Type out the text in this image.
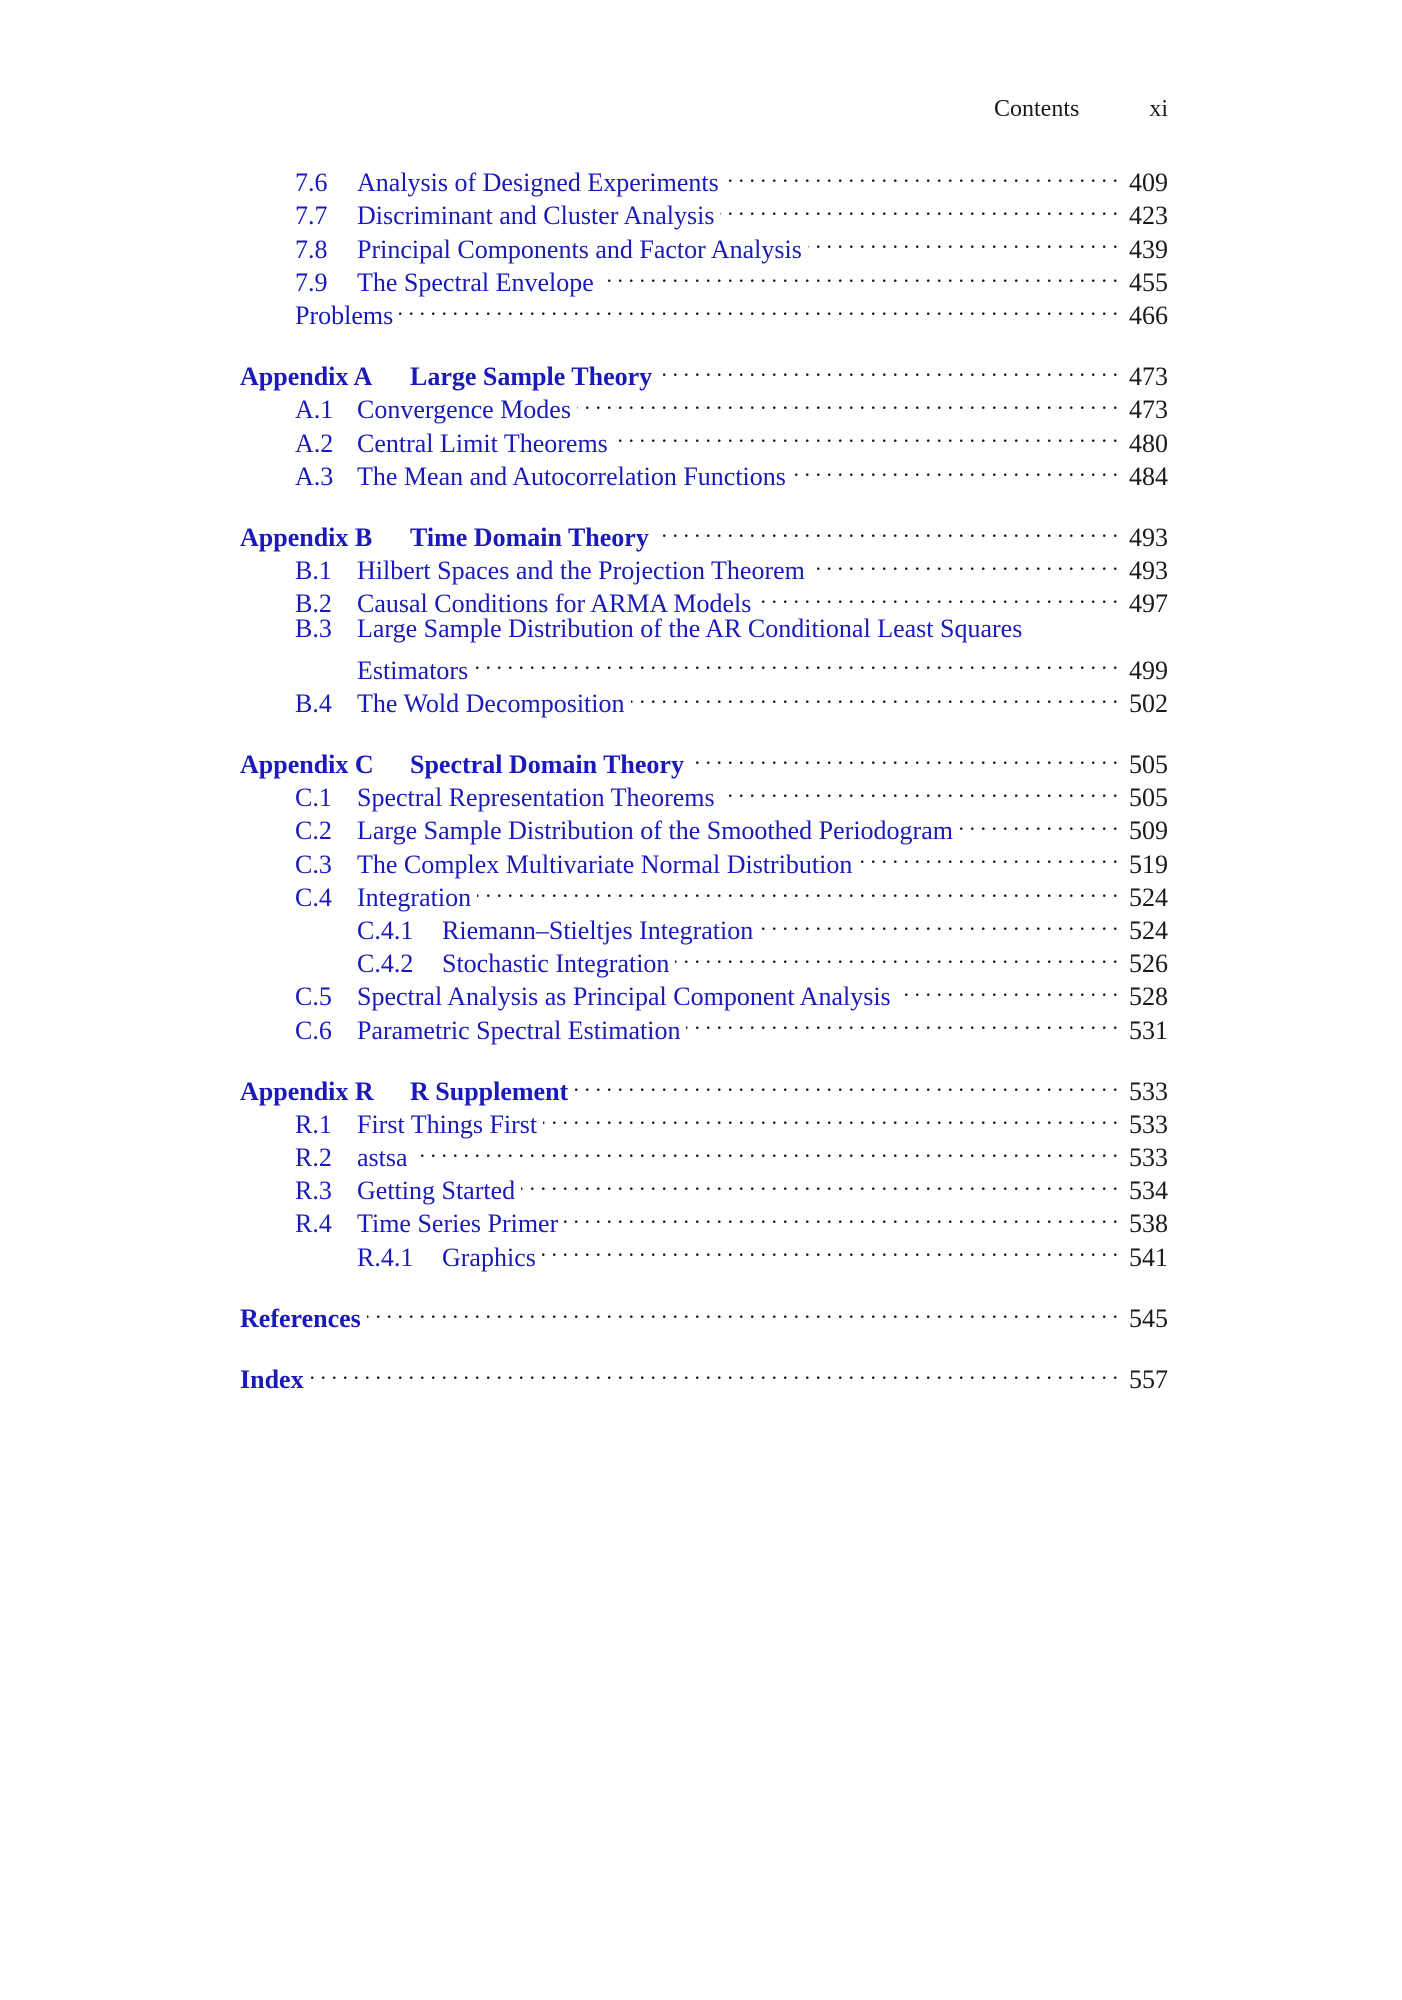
Contents	xi
7.6	Analysis of Designed Experiments . . .	409
7.7	Discriminant and Cluster Analysis . . .	423
7.8	Principal Components and Factor Analysis . . .	439
7.9	The Spectral Envelope . . .	455
Problems . . .	466
Appendix A	Large Sample Theory . . .	473
A.1 Convergence Modes . . .	473
A.2 Central Limit Theorems . . .	480
A.3 The Mean and Autocorrelation Functions . . .	484
Appendix B	Time Domain Theory . . .	493
B.1 Hilbert Spaces and the Projection Theorem . . .	493
B.2 Causal Conditions for ARMA Models . . .	497
B.3 Large Sample Distribution of the AR Conditional Least Squares
Estimators . . .	499
B.4 The Wold Decomposition . . .	502
Appendix C	Spectral Domain Theory . . .	505
C.1 Spectral Representation Theorems . . .	505
C.2 Large Sample Distribution of the Smoothed Periodogram . . .	509
C.3 The Complex Multivariate Normal Distribution . . .	519
C.4 Integration . . .	524
C.4.1	Riemann–Stieltjes Integration . . .	524
C.4.2	Stochastic Integration . . .	526
C.5 Spectral Analysis as Principal Component Analysis . . .	528
C.6 Parametric Spectral Estimation . . .	531
Appendix R	R Supplement . . .	533
R.1 First Things First . . .	533
R.2 astsa . . .	533
R.3 Getting Started . . .	534
R.4 Time Series Primer . . .	538
R.4.1	Graphics . . .	541
References . . .	545
Index . . .	557
